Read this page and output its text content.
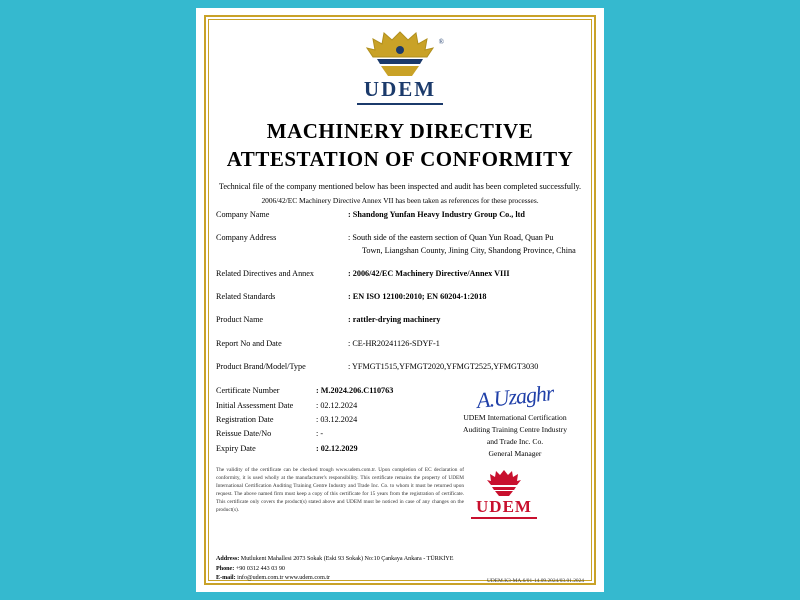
UDEM
®
MACHINERY DIRECTIVE
ATTESTATION OF CONFORMITY
Technical file of the company mentioned below has been inspected and audit has been completed successfully.
2006/42/EC Machinery Directive Annex VII has been taken as references for these processes.
Company Name	: Shandong Yunfan Heavy Industry Group Co., ltd
Company Address	: South side of the eastern section of Quan Yun Road, Quan Pu
Town, Liangshan County, Jining City, Shandong Province, China
Related Directives and Annex	: 2006/42/EC Machinery Directive/Annex VIII
Related Standards	: EN ISO 12100:2010; EN 60204-1:2018
Product Name	: rattler-drying machinery
Report No and Date	: CE-HR20241126-SDYF-1
Product Brand/Model/Type	: YFMGT1515,YFMGT2020,YFMGT2525,YFMGT3030
Certificate Number	: M.2024.206.C110763
Initial Assessment Date	: 02.12.2024
Registration Date	: 03.12.2024
Reissue Date/No	: -
Expiry Date	: 02.12.2029
A.Uzaghr
UDEM International Certification
Auditing Training Centre Industry
and Trade Inc. Co.
General Manager
The validity of the certificate can be checked trough www.udem.com.tr. Upon completion of EC declaration of conformity, it is used wholly at the manufacturer's responsibility. This certificate remains the property of UDEM International Certification Auditing Training Centre Industry and Trade Inc. Co. to whom it must be returned upon request. The above named firm must keep a copy of this certificate for 15 years from the registration of certificate. This certificate only covers the product(s) stated above and UDEM must be noticed in case of any changes on the product(s).	UDEM
Address: Mutlukent Mahallesi 2073 Sokak (Eski 93 Sokak) No:10 Çankaya Ankara - TÜRKİYE
Phone: +90 0312 443 03 90
E-mail: info@udem.com.tr www.udem.com.tr	UDEM.K3-MA.6/01-14.09.2024/03.01.2024
